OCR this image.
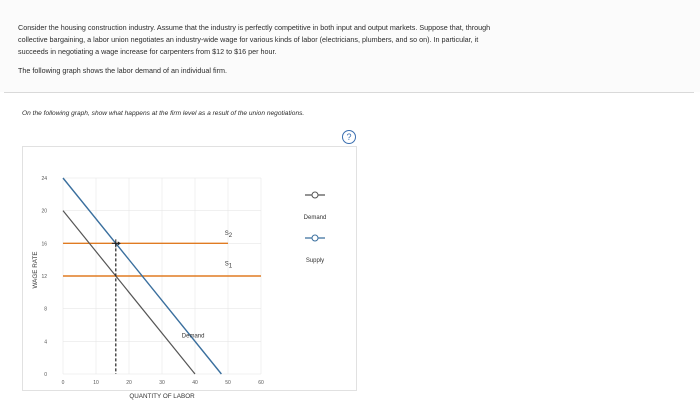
Consider the housing construction industry. Assume that the industry is perfectly competitive in both input and output markets. Suppose that, through
collective bargaining, a labor union negotiates an industry-wide wage for various kinds of labor (electricians, plumbers, and so on). In particular, it
succeeds in negotiating a wage increase for carpenters from $12 to $16 per hour.
The following graph shows the labor demand of an individual firm.
On the following graph, show what happens at the firm level as a result of the union negotiations.
?
0	10	20	30	40	50	60
0
4
8
12
16
20
24
S 2
S 1
Demand
Demand
Supply
WAGE RATE
QUANTITY OF LABOR
